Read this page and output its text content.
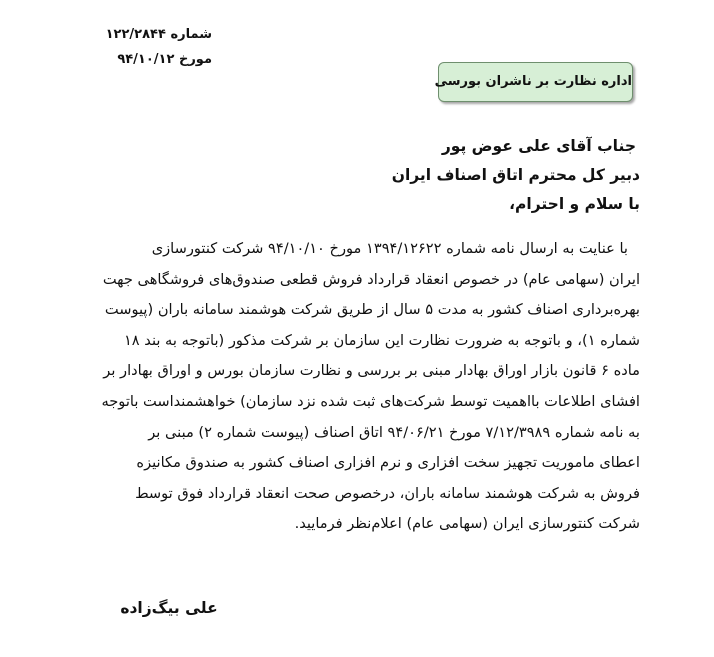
شماره ۱۲۲/۲۸۴۴
مورخ ۹۴/۱۰/۱۲
اداره نظارت بر ناشران بورسی
جناب آقای علی عوض پور
دبیر کل محترم اتاق اصناف ایران
با سلام و احترام،
با عنایت به ارسال نامه شماره ۱۳۹۴/۱۲۶۲۲ مورخ ۹۴/۱۰/۱۰ شرکت کنتورسازی
ایران (سهامی عام) در خصوص انعقاد قرارداد فروش قطعی صندوق‌های فروشگاهی جهت
بهره‌برداری اصناف کشور به مدت ۵ سال از طریق شرکت هوشمند سامانه باران (پیوست
شماره ۱)، و باتوجه به ضرورت نظارت این سازمان بر شرکت مذکور (باتوجه به بند ۱۸
ماده ۶ قانون بازار اوراق بهادار مبنی بر بررسی و نظارت سازمان بورس و اوراق بهادار بر
افشای اطلاعات بااهمیت توسط شرکت‌های ثبت شده نزد سازمان) خواهشمنداست باتوجه
به نامه شماره ۷/۱۲/۳۹۸۹ مورخ ۹۴/۰۶/۲۱ اتاق اصناف (پیوست شماره ۲) مبنی بر
اعطای ماموریت تجهیز سخت افزاری و نرم افزاری اصناف کشور به صندوق مکانیزه
فروش به شرکت هوشمند سامانه باران، درخصوص صحت انعقاد قرارداد فوق توسط
شرکت کنتورسازی ایران (سهامی عام) اعلام‌نظر فرمایید.
علی بیگ‌زاده
